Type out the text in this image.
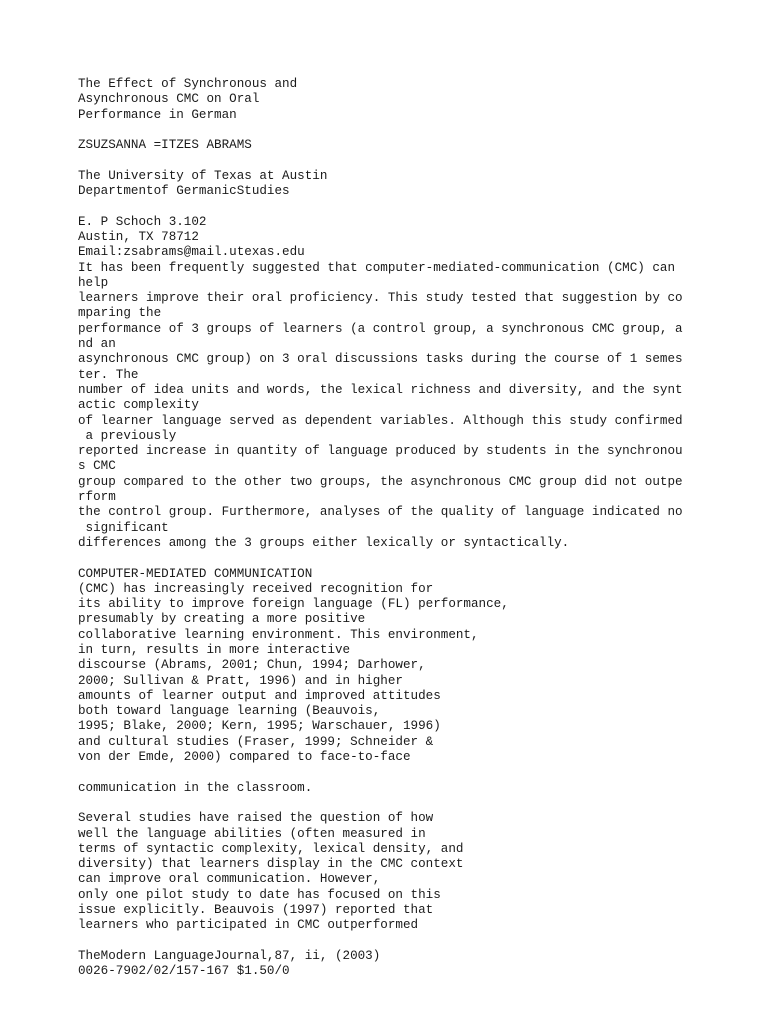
The Effect of Synchronous and
Asynchronous CMC on Oral
Performance in German
ZSUZSANNA =ITZES ABRAMS
The University of Texas at Austin
Departmentof GermanicStudies
E. P Schoch 3.102
Austin, TX 78712
Email:zsabrams@mail.utexas.edu
It has been frequently suggested that computer-mediated-communication (CMC) can
help
learners improve their oral proficiency. This study tested that suggestion by co
mparing the
performance of 3 groups of learners (a control group, a synchronous CMC group, a
nd an
asynchronous CMC group) on 3 oral discussions tasks during the course of 1 semes
ter. The
number of idea units and words, the lexical richness and diversity, and the synt
actic complexity
of learner language served as dependent variables. Although this study confirmed
a previously
reported increase in quantity of language produced by students in the synchronou
s CMC
group compared to the other two groups, the asynchronous CMC group did not outpe
rform
the control group. Furthermore, analyses of the quality of language indicated no
significant
differences among the 3 groups either lexically or syntactically.
COMPUTER-MEDIATED COMMUNICATION
(CMC) has increasingly received recognition for
its ability to improve foreign language (FL) performance,
presumably by creating a more positive
collaborative learning environment. This environment,
in turn, results in more interactive
discourse (Abrams, 2001; Chun, 1994; Darhower,
2000; Sullivan & Pratt, 1996) and in higher
amounts of learner output and improved attitudes
both toward language learning (Beauvois,
1995; Blake, 2000; Kern, 1995; Warschauer, 1996)
and cultural studies (Fraser, 1999; Schneider &
von der Emde, 2000) compared to face-to-face
communication in the classroom.
Several studies have raised the question of how
well the language abilities (often measured in
terms of syntactic complexity, lexical density, and
diversity) that learners display in the CMC context
can improve oral communication. However,
only one pilot study to date has focused on this
issue explicitly. Beauvois (1997) reported that
learners who participated in CMC outperformed
TheModern LanguageJournal,87, ii, (2003)
0026-7902/02/157-167 $1.50/0
